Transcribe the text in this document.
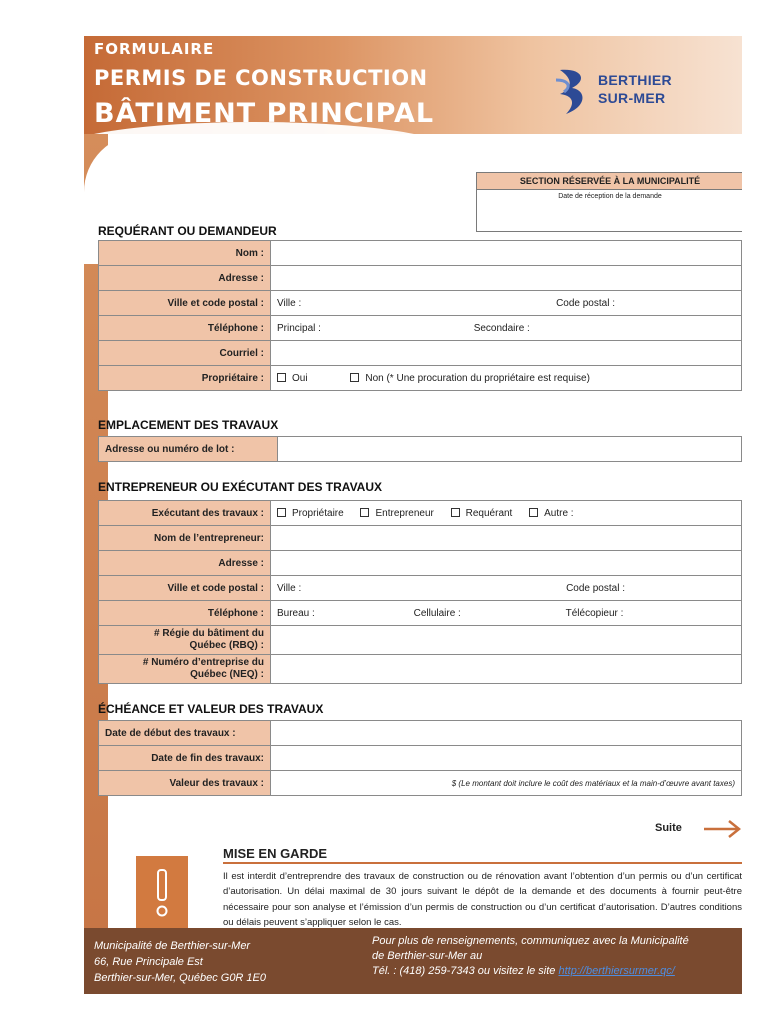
FORMULAIRE
PERMIS DE CONSTRUCTION
BÂTIMENT PRINCIPAL
BERTHIER
SUR-MER
SECTION RÉSERVÉE À LA MUNICIPALITÉ
Date de réception de la demande
REQUÉRANT OU DEMANDEUR
Nom :	
Adresse :	
Ville et code postal :	Ville : Code postal :
Téléphone :	Principal : Secondaire :
Courriel :	
Propriétaire :	Oui Non (* Une procuration du propriétaire est requise)
EMPLACEMENT DES TRAVAUX
Adresse ou numéro de lot :	
ENTREPRENEUR OU EXÉCUTANT DES TRAVAUX
Exécutant des travaux :	Propriétaire Entrepreneur Requérant Autre :
Nom de l’entrepreneur:	
Adresse :	
Ville et code postal :	Ville : Code postal :
Téléphone :	Bureau : Cellulaire : Télécopieur :

# Régie du bâtiment du
Québec (RBQ) :	

# Numéro d’entreprise du
Québec (NEQ) :	

ÉCHÉANCE ET VALEUR DES TRAVAUX
Date de début des travaux :	
Date de fin des travaux:	
Valeur des travaux :	$ (Le montant doit inclure le coût des matériaux et la main-d’œuvre avant taxes)
Suite
MISE EN GARDE
Il est interdit d’entreprendre des travaux de construction ou de rénovation avant l’obtention d’un permis ou d’un certificat d’autorisation. Un délai maximal de 30 jours suivant le dépôt de la demande et des documents à fournir peut-être nécessaire pour son analyse et l’émission d’un permis de construction ou d’un certificat d’autorisation. D’autres conditions ou délais peuvent s’appliquer selon le cas.
Municipalité de Berthier-sur-Mer
66, Rue Principale Est
Berthier-sur-Mer, Québec G0R 1E0
Pour plus de renseignements, communiquez avec la Municipalité
de Berthier-sur-Mer au
Tél. : (418) 259-7343 ou visitez le site http://berthiersurmer.qc/
